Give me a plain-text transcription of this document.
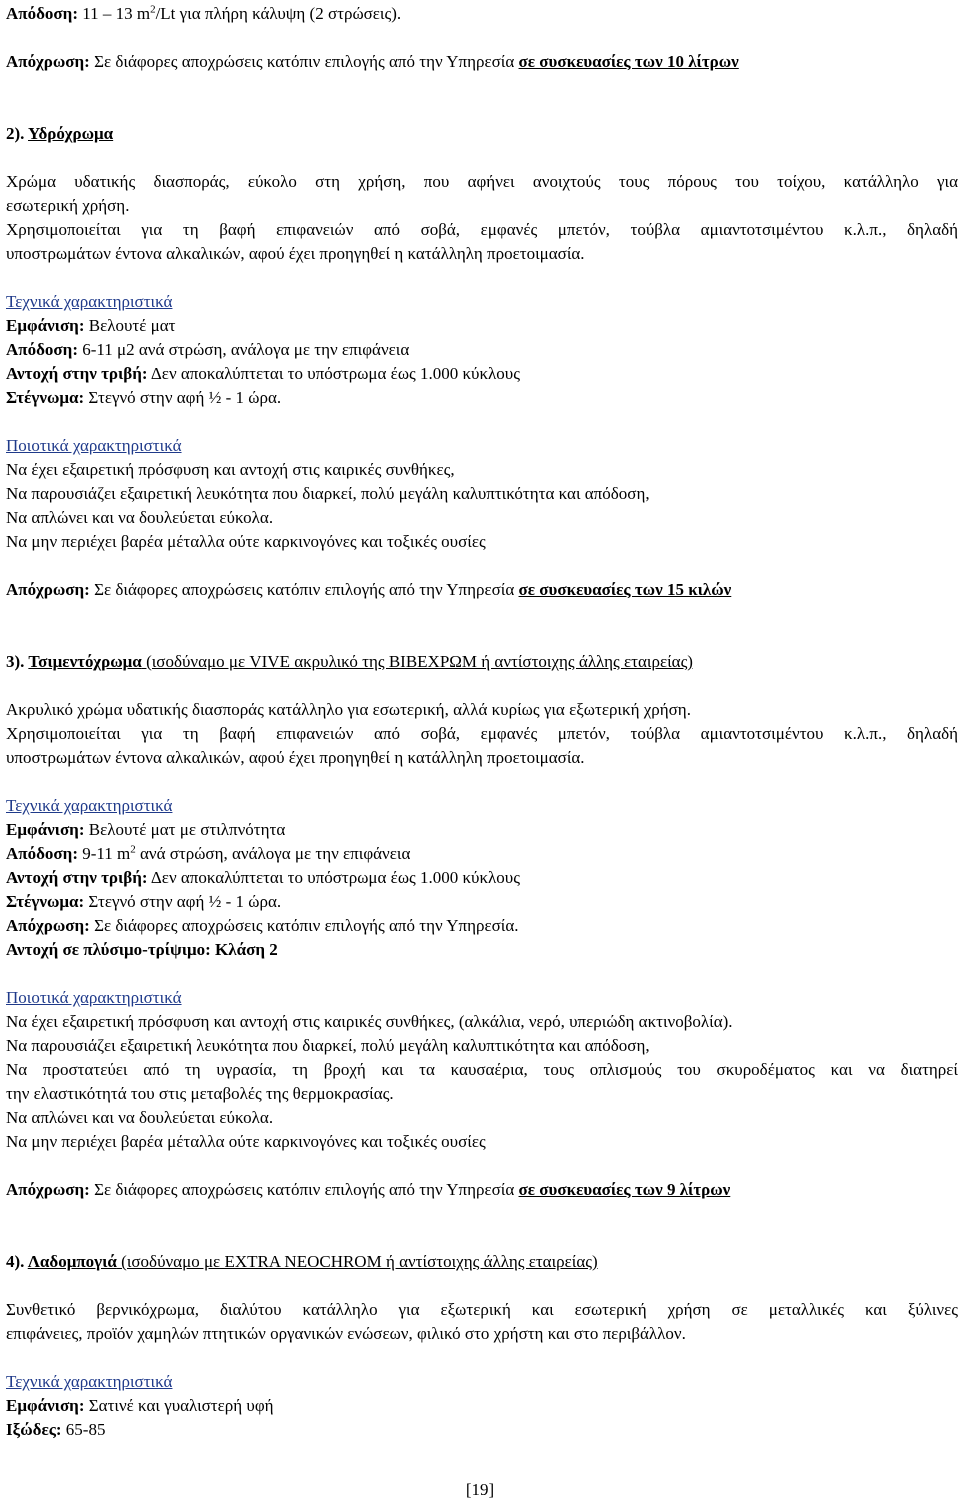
Απόδοση: 11 – 13 $m^2/Lt$ για πλήρη κάλυψη (2 στρώσεις).
Απόχρωση: Σε διάφορες αποχρώσεις κατόπιν επιλογής από την Υπηρεσία σε συσκευασίες των 10 λίτρων
2). Υδρόχρωμα
Χρώμα υδατικής διασποράς, εύκολο στη χρήση, που αφήνει ανοιχτούς τους πόρους του τοίχου, κατάλληλο για
εσωτερική χρήση.
Χρησιμοποιείται για τη βαφή επιφανειών από σοβά, εμφανές μπετόν, τούβλα αμιαντοτσιμέντου κ.λ.π., δηλαδή
υποστρωμάτων έντονα αλκαλικών, αφού έχει προηγηθεί η κατάλληλη προετοιμασία.
Τεχνικά χαρακτηριστικά
Εμφάνιση: Βελουτέ ματ
Απόδοση: 6-11 μ2 ανά στρώση, ανάλογα με την επιφάνεια
Αντοχή στην τριβή: Δεν αποκαλύπτεται το υπόστρωμα έως 1.000 κύκλους
Στέγνωμα: Στεγνό στην αφή ½ - 1 ώρα.
Ποιοτικά χαρακτηριστικά
Να έχει εξαιρετική πρόσφυση και αντοχή στις καιρικές συνθήκες,
Να παρουσιάζει εξαιρετική λευκότητα που διαρκεί, πολύ μεγάλη καλυπτικότητα και απόδοση,
Να απλώνει και να δουλεύεται εύκολα.
Να μην περιέχει βαρέα μέταλλα ούτε καρκινογόνες και τοξικές ουσίες
Απόχρωση: Σε διάφορες αποχρώσεις κατόπιν επιλογής από την Υπηρεσία σε συσκευασίες των 15 κιλών
3). Τσιμεντόχρωμα (ισοδύναμο με VIVE ακρυλικό της ΒΙΒΕΧΡΩΜ ή αντίστοιχης άλλης εταιρείας)
Ακρυλικό χρώμα υδατικής διασποράς κατάλληλο για εσωτερική, αλλά κυρίως για εξωτερική χρήση.
Χρησιμοποιείται για τη βαφή επιφανειών από σοβά, εμφανές μπετόν, τούβλα αμιαντοτσιμέντου κ.λ.π., δηλαδή
υποστρωμάτων έντονα αλκαλικών, αφού έχει προηγηθεί η κατάλληλη προετοιμασία.
Τεχνικά χαρακτηριστικά
Εμφάνιση: Βελουτέ ματ με στιλπνότητα
Απόδοση: 9-11 $m^2$ ανά στρώση, ανάλογα με την επιφάνεια
Αντοχή στην τριβή: Δεν αποκαλύπτεται το υπόστρωμα έως 1.000 κύκλους
Στέγνωμα: Στεγνό στην αφή ½ - 1 ώρα.
Απόχρωση: Σε διάφορες αποχρώσεις κατόπιν επιλογής από την Υπηρεσία.
Αντοχή σε πλύσιμο-τρίψιμο: Κλάση 2
Ποιοτικά χαρακτηριστικά
Να έχει εξαιρετική πρόσφυση και αντοχή στις καιρικές συνθήκες, (αλκάλια, νερό, υπεριώδη ακτινοβολία).
Να παρουσιάζει εξαιρετική λευκότητα που διαρκεί, πολύ μεγάλη καλυπτικότητα και απόδοση,
Να προστατεύει από τη υγρασία, τη βροχή και τα καυσαέρια, τους οπλισμούς του σκυροδέματος και να διατηρεί
την ελαστικότητά του στις μεταβολές της θερμοκρασίας.
Να απλώνει και να δουλεύεται εύκολα.
Να μην περιέχει βαρέα μέταλλα ούτε καρκινογόνες και τοξικές ουσίες
Απόχρωση: Σε διάφορες αποχρώσεις κατόπιν επιλογής από την Υπηρεσία σε συσκευασίες των 9 λίτρων
4). Λαδομπογιά (ισοδύναμο με EXTRA NEOCHROM ή αντίστοιχης άλλης εταιρείας)
Συνθετικό βερνικόχρωμα, διαλύτου κατάλληλο για εξωτερική και εσωτερική χρήση σε μεταλλικές και ξύλινες
επιφάνειες, προϊόν χαμηλών πτητικών οργανικών ενώσεων, φιλικό στο χρήστη και στο περιβάλλον.
Τεχνικά χαρακτηριστικά
Εμφάνιση: Σατινέ και γυαλιστερή υφή
Ιξώδες: 65-85
[19]
